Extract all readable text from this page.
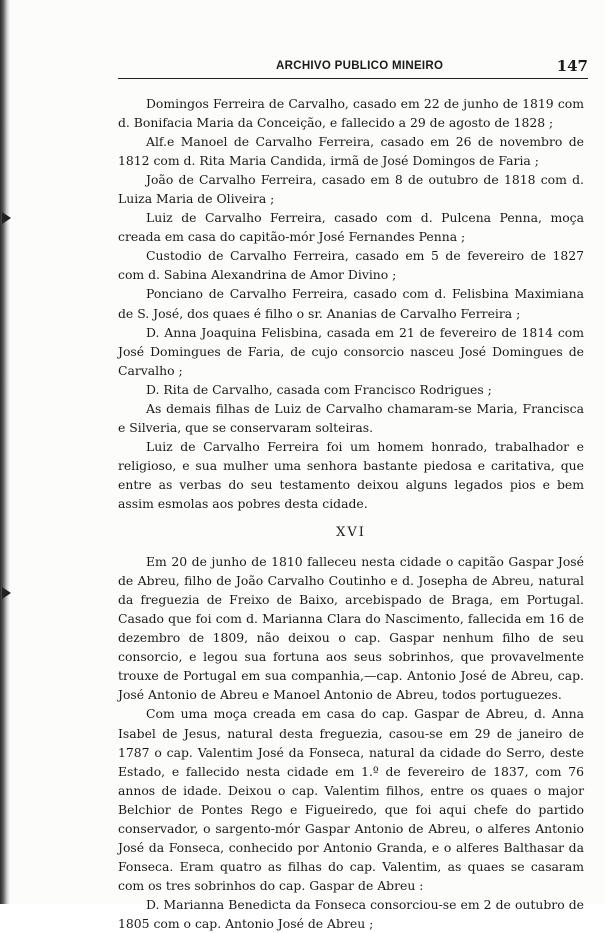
ARCHIVO PUBLICO MINEIRO	147

Domingos Ferreira de Carvalho, casado em 22 de junho de 1819 com d. Bonifacia Maria da Conceição, e fallecido a 29 de agosto de 1828 ;

Alf.e Manoel de Carvalho Ferreira, casado em 26 de novembro de 1812 com d. Rita Maria Candida, irmã de José Domingos de Faria ;

João de Carvalho Ferreira, casado em 8 de outubro de 1818 com d. Luiza Maria de Oliveira ;

Luiz de Carvalho Ferreira, casado com d. Pulcena Penna, moça creada em casa do capitão-mór José Fernandes Penna ;

Custodio de Carvalho Ferreira, casado em 5 de fevereiro de 1827 com d. Sabina Alexandrina de Amor Divino ;

Ponciano de Carvalho Ferreira, casado com d. Felisbina Maximiana de S. José, dos quaes é filho o sr. Ananias de Carvalho Ferreira ;

D. Anna Joaquina Felisbina, casada em 21 de fevereiro de 1814 com José Domingues de Faria, de cujo consorcio nasceu José Domingues de Carvalho ;

D. Rita de Carvalho, casada com Francisco Rodrigues ;

As demais filhas de Luiz de Carvalho chamaram-se Maria, Francisca e Silveria, que se conservaram solteiras.

Luiz de Carvalho Ferreira foi um homem honrado, trabalhador e religioso, e sua mulher uma senhora bastante piedosa e caritativa, que entre as verbas do seu testamento deixou alguns legados pios e bem assim esmolas aos pobres desta cidade.

XVI

Em 20 de junho de 1810 falleceu nesta cidade o capitão Gaspar José de Abreu, filho de João Carvalho Coutinho e d. Josepha de Abreu, natural da freguezia de Freixo de Baixo, arcebispado de Braga, em Portugal. Casado que foi com d. Marianna Clara do Nascimento, fallecida em 16 de dezembro de 1809, não deixou o cap. Gaspar nenhum filho de seu consorcio, e legou sua fortuna aos seus sobrinhos, que provavelmente trouxe de Portugal em sua companhia,—cap. Antonio José de Abreu, cap. José Antonio de Abreu e Manoel Antonio de Abreu, todos portuguezes.

Com uma moça creada em casa do cap. Gaspar de Abreu, d. Anna Isabel de Jesus, natural desta freguezia, casou-se em 29 de janeiro de 1787 o cap. Valentim José da Fonseca, natural da cidade do Serro, deste Estado, e fallecido nesta cidade em 1.º de fevereiro de 1837, com 76 annos de idade. Deixou o cap. Valentim filhos, entre os quaes o major Belchior de Pontes Rego e Figueiredo, que foi aqui chefe do partido conservador, o sargento-mór Gaspar Antonio de Abreu, o alferes Antonio José da Fonseca, conhecido por Antonio Granda, e o alferes Balthasar da Fonseca. Eram quatro as filhas do cap. Valentim, as quaes se casaram com os tres sobrinhos do cap. Gaspar de Abreu :

D. Marianna Benedicta da Fonseca consorciou-se em 2 de outubro de 1805 com o cap. Antonio José de Abreu ;
